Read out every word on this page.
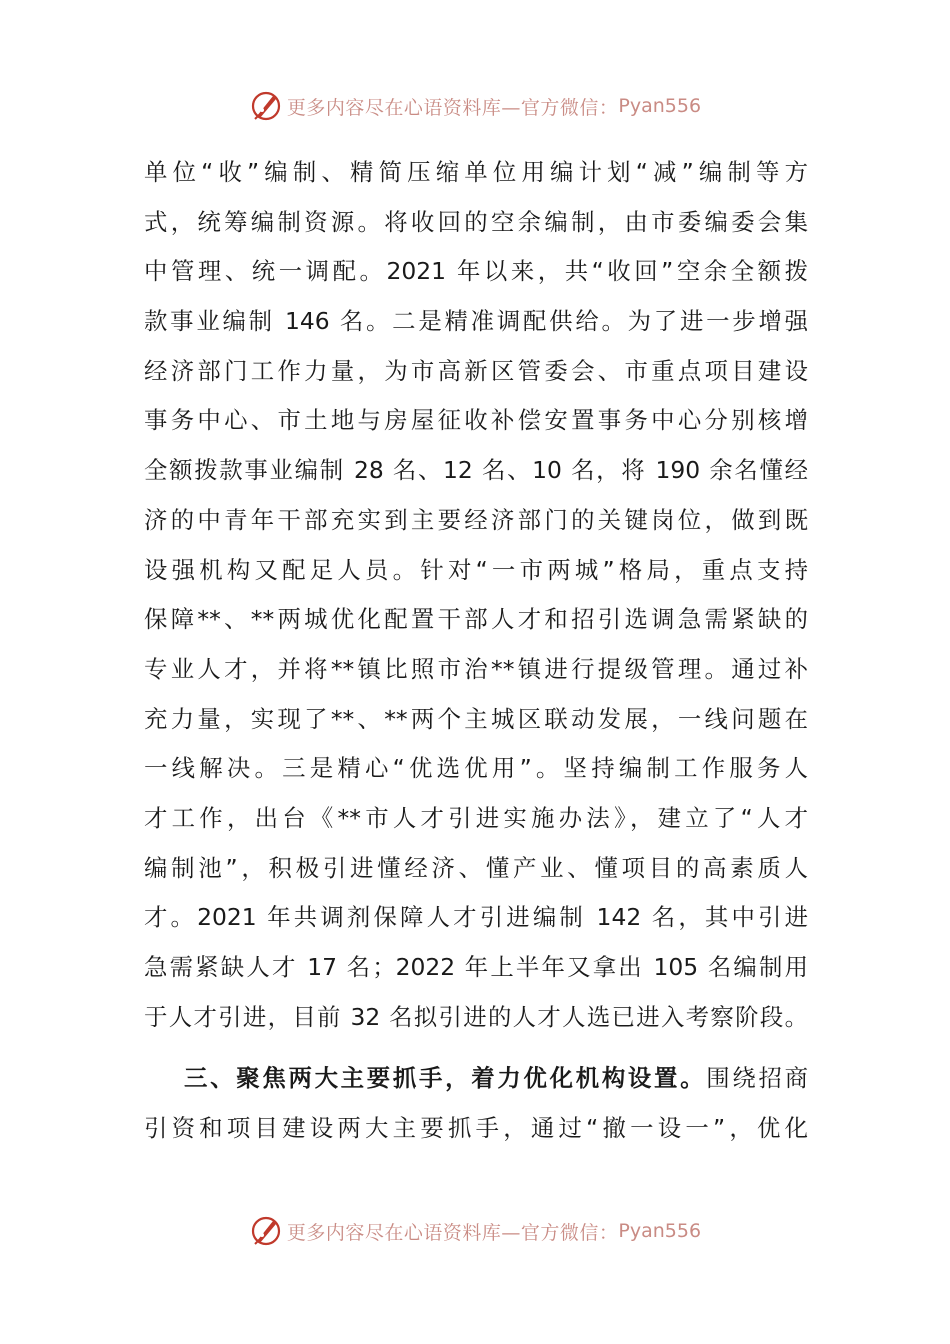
更多内容尽在心语资料库—官方微信： Pyan556
单位“收”编制、精简压缩单位用编计划“减”编制等方
式，统筹编制资源。将收回的空余编制，由市委编委会集
中管理、统一调配。2021 年以来，共“收回”空余全额拨
款事业编制 146 名。二是精准调配供给。为了进一步增强
经济部门工作力量，为市高新区管委会、市重点项目建设
事务中心、市土地与房屋征收补偿安置事务中心分别核增
全额拨款事业编制 28 名、12 名、10 名，将 190 余名懂经
济的中青年干部充实到主要经济部门的关键岗位，做到既
设强机构又配足人员。针对“一市两城”格局，重点支持
保障**、**两城优化配置干部人才和招引选调急需紧缺的
专业人才，并将**镇比照市治**镇进行提级管理。通过补
充力量，实现了**、**两个主城区联动发展，一线问题在
一线解决。三是精心“优选优用”。坚持编制工作服务人
才工作，出台《**市人才引进实施办法》，建立了“人才
编制池”，积极引进懂经济、懂产业、懂项目的高素质人
才。2021 年共调剂保障人才引进编制 142 名，其中引进
急需紧缺人才 17 名；2022 年上半年又拿出 105 名编制用
于人才引进，目前 32 名拟引进的人才人选已进入考察阶段。
三、聚焦两大主要抓手，着力优化机构设置。围绕招商
引资和项目建设两大主要抓手，通过“撤一设一”，优化
更多内容尽在心语资料库—官方微信： Pyan556
